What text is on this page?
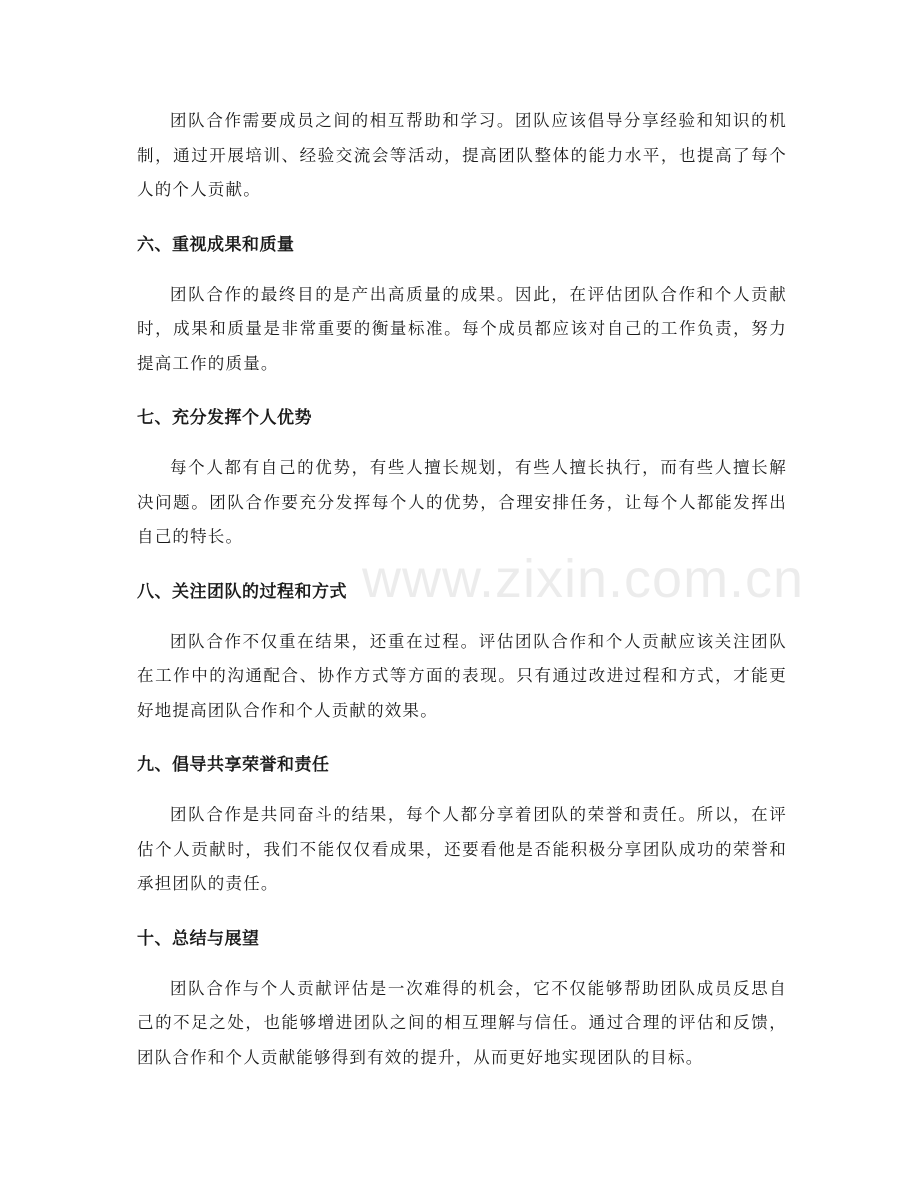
团队合作需要成员之间的相互帮助和学习。团队应该倡导分享经验和知识的机制，通过开展培训、经验交流会等活动，提高团队整体的能力水平，也提高了每个人的个人贡献。

六、重视成果和质量

团队合作的最终目的是产出高质量的成果。因此，在评估团队合作和个人贡献时，成果和质量是非常重要的衡量标准。每个成员都应该对自己的工作负责，努力提高工作的质量。

七、充分发挥个人优势

每个人都有自己的优势，有些人擅长规划，有些人擅长执行，而有些人擅长解决问题。团队合作要充分发挥每个人的优势，合理安排任务，让每个人都能发挥出自己的特长。

八、关注团队的过程和方式

团队合作不仅重在结果，还重在过程。评估团队合作和个人贡献应该关注团队在工作中的沟通配合、协作方式等方面的表现。只有通过改进过程和方式，才能更好地提高团队合作和个人贡献的效果。

九、倡导共享荣誉和责任

团队合作是共同奋斗的结果，每个人都分享着团队的荣誉和责任。所以，在评估个人贡献时，我们不能仅仅看成果，还要看他是否能积极分享团队成功的荣誉和承担团队的责任。

十、总结与展望

团队合作与个人贡献评估是一次难得的机会，它不仅能够帮助团队成员反思自己的不足之处，也能够增进团队之间的相互理解与信任。通过合理的评估和反馈，团队合作和个人贡献能够得到有效的提升，从而更好地实现团队的目标。

www.zixin.com.cn
